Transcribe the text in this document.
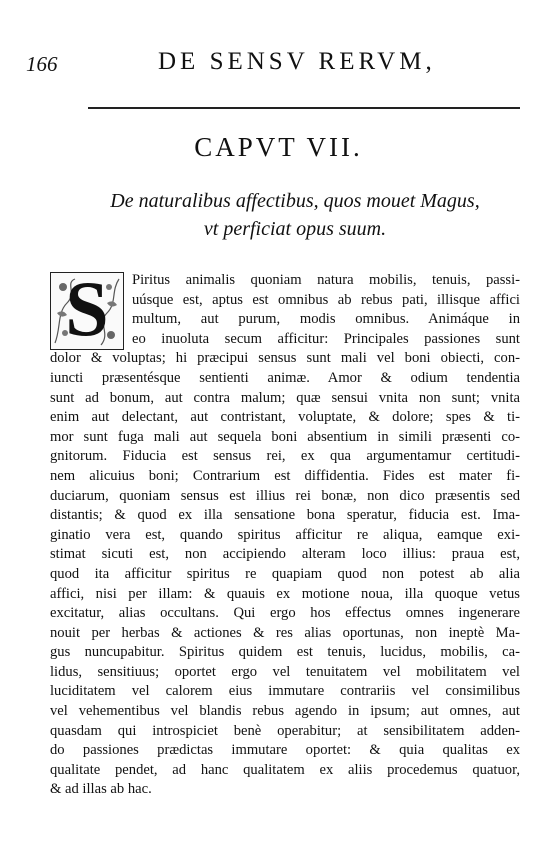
166	DE SENSV RERVM,
CAPVT VII.
De naturalibus affectibus, quos mouet Magus,
vt perficiat opus suum.
S	Piritus animalis quoniam natura mobilis, tenuis, passi-
uúsque est, aptus est omnibus ab rebus pati, illisque affici
multum, aut purum, modis omnibus. Animáque in
eo inuoluta secum afficitur: Principales passiones sunt
dolor & voluptas; hi præcipui sensus sunt mali vel boni obiecti, con-
iuncti præsentésque sentienti animæ. Amor & odium tendentia
sunt ad bonum, aut contra malum; quæ sensui vnita non sunt; vnita
enim aut delectant, aut contristant, voluptate, & dolore; spes & ti-
mor sunt fuga mali aut sequela boni absentium in simili præsenti co-
gnitorum. Fiducia est sensus rei, ex qua argumentamur certitudi-
nem alicuius boni; Contrarium est diffidentia. Fides est mater fi-
duciarum, quoniam sensus est illius rei bonæ, non dico præsentis sed
distantis; & quod ex illa sensatione bona speratur, fiducia est. Ima-
ginatio vera est, quando spiritus afficitur re aliqua, eamque exi-
stimat sicuti est, non accipiendo alteram loco illius: praua est,
quod ita afficitur spiritus re quapiam quod non potest ab alia
affici, nisi per illam: & quauis ex motione noua, illa quoque vetus
excitatur, alias occultans. Qui ergo hos effectus omnes ingenerare
nouit per herbas & actiones & res alias oportunas, non ineptè Ma-
gus nuncupabitur. Spiritus quidem est tenuis, lucidus, mobilis, ca-
lidus, sensitiuus; oportet ergo vel tenuitatem vel mobilitatem vel
luciditatem vel calorem eius immutare contrariis vel consimilibus
vel vehementibus vel blandis rebus agendo in ipsum; aut omnes, aut
quasdam qui introspiciet benè operabitur; at sensibilitatem adden-
do passiones prædictas immutare oportet: & quia qualitas ex
qualitate pendet, ad hanc qualitatem ex aliis procedemus quatuor,
& ad illas ab hac.
